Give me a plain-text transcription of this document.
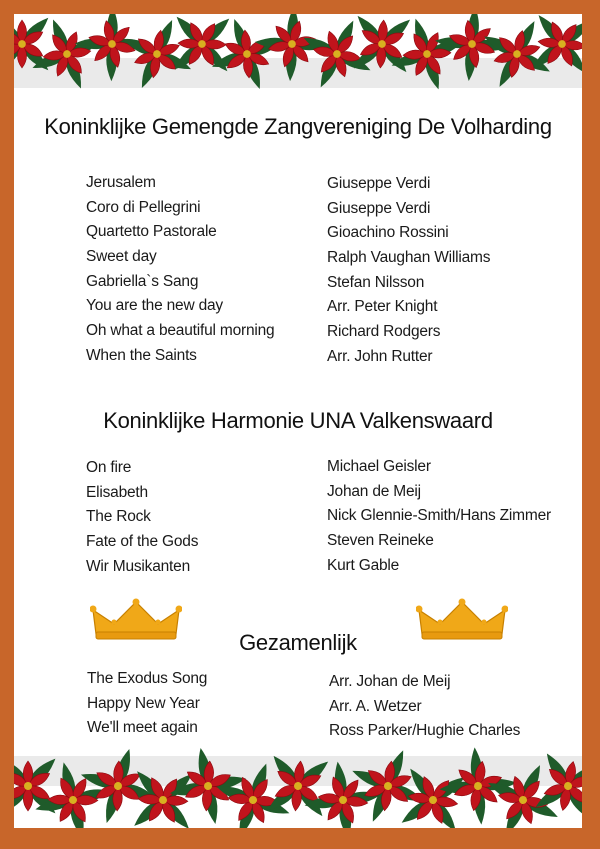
Koninklijke Gemengde Zangvereniging De Volharding
Jerusalem
Coro di Pellegrini
Quartetto Pastorale
Sweet day
Gabriella`s Sang
You are the new day
Oh what a beautiful morning
When the Saints
Giuseppe Verdi
Giuseppe Verdi
Gioachino Rossini
Ralph Vaughan Williams
Stefan Nilsson
Arr. Peter Knight
Richard Rodgers
Arr. John Rutter
Koninklijke Harmonie UNA Valkenswaard
On fire
Elisabeth
The Rock
Fate of the Gods
Wir Musikanten
Michael Geisler
Johan de Meij
Nick Glennie-Smith/Hans Zimmer
Steven Reineke
Kurt Gable
Gezamenlijk
The Exodus Song
Happy New Year
We'll meet again
Arr. Johan de Meij
Arr. A. Wetzer
Ross Parker/Hughie Charles
